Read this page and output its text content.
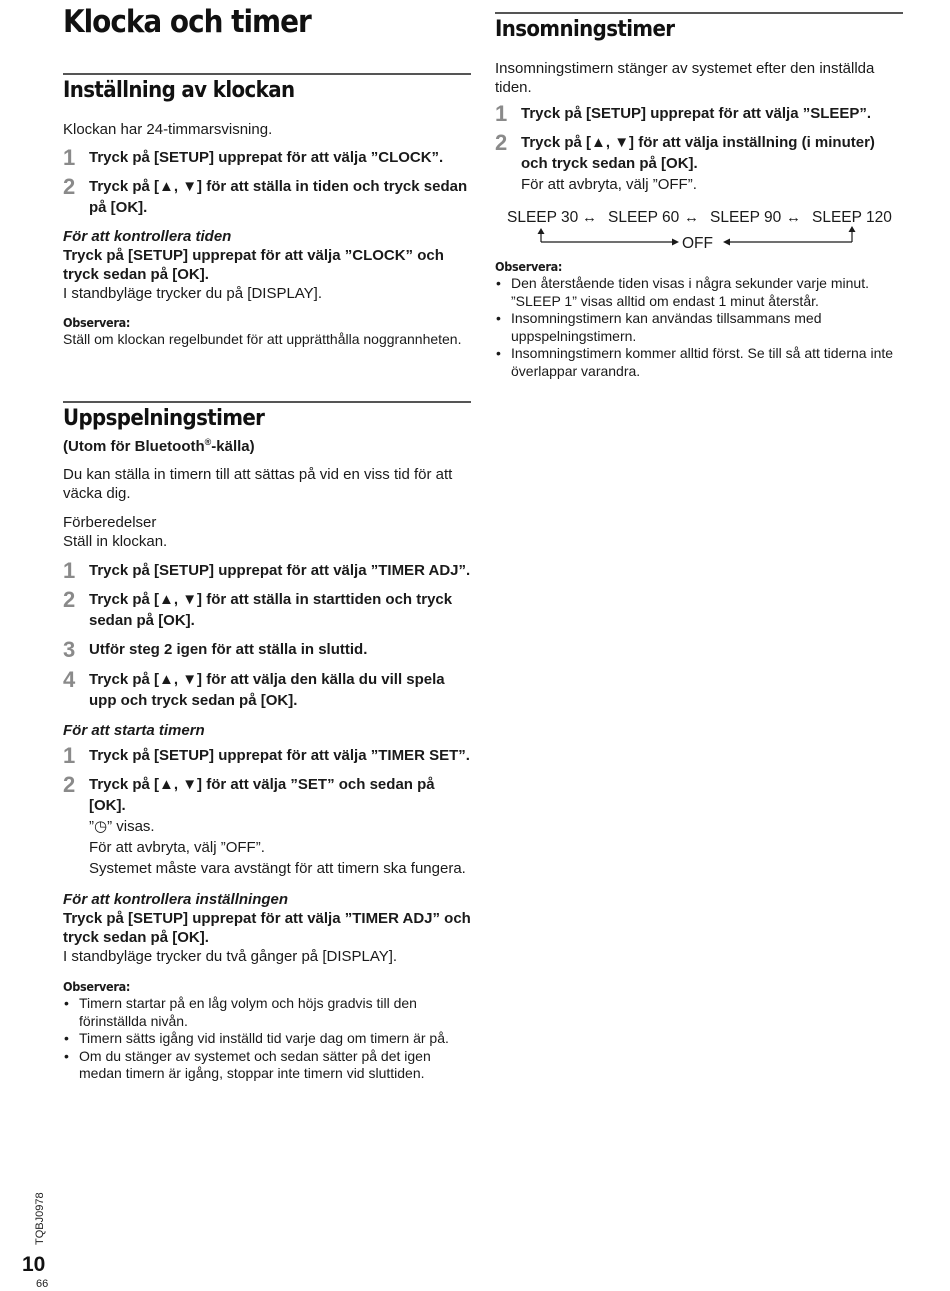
Klocka och timer
Inställning av klockan

Klockan har 24-timmarsvisning.

1 Tryck på [SETUP] upprepat för att välja ”CLOCK”.
2 Tryck på [▲, ▼] för att ställa in tiden och tryck sedan på [OK].
För att kontrollera tiden
Tryck på [SETUP] upprepat för att välja ”CLOCK” och tryck sedan på [OK].

I standbyläge trycker du på [DISPLAY].

Observera:
Ställ om klockan regelbundet för att upprätthålla noggrannheten.
Uppspelningstimer

(Utom för Bluetooth®-källa)

Du kan ställa in timern till att sättas på vid en viss tid för att väcka dig.

Förberedelser

Ställ in klockan.

1 Tryck på [SETUP] upprepat för att välja ”TIMER ADJ”.
2 Tryck på [▲, ▼] för att ställa in starttiden och tryck sedan på [OK].
3 Utför steg 2 igen för att ställa in sluttid.
4 Tryck på [▲, ▼] för att välja den källa du vill spela upp och tryck sedan på [OK].
För att starta timern
1 Tryck på [SETUP] upprepat för att välja ”TIMER SET”.
2 Tryck på [▲, ▼] för att välja ”SET” och sedan på [OK].
”◷” visas.
För att avbryta, välj ”OFF”.
Systemet måste vara avstängt för att timern ska fungera.
För att kontrollera inställningen
Tryck på [SETUP] upprepat för att välja ”TIMER ADJ” och tryck sedan på [OK].

I standbyläge trycker du två gånger på [DISPLAY].

Observera:
• Timern startar på en låg volym och höjs gradvis till den förinställda nivån.
• Timern sätts igång vid inställd tid varje dag om timern är på.
• Om du stänger av systemet och sedan sätter på det igen medan timern är igång, stoppar inte timern vid sluttiden.
Insomningstimer

Insomningstimern stänger av systemet efter den inställda tiden.

1 Tryck på [SETUP] upprepat för att välja ”SLEEP”.
2 Tryck på [▲, ▼] för att välja inställning (i minuter) och tryck sedan på [OK].
För att avbryta, välj ”OFF”.
SLEEP 30 ↔ SLEEP 60 ↔ SLEEP 90 ↔ SLEEP 120
OFF
Observera:
• Den återstående tiden visas i några sekunder varje minut. ”SLEEP 1” visas alltid om endast 1 minut återstår.
• Insomningstimern kan användas tillsammans med uppspelningstimern.
• Insomningstimern kommer alltid först. Se till så att tiderna inte överlappar varandra.
TQBJ0978
10
66
